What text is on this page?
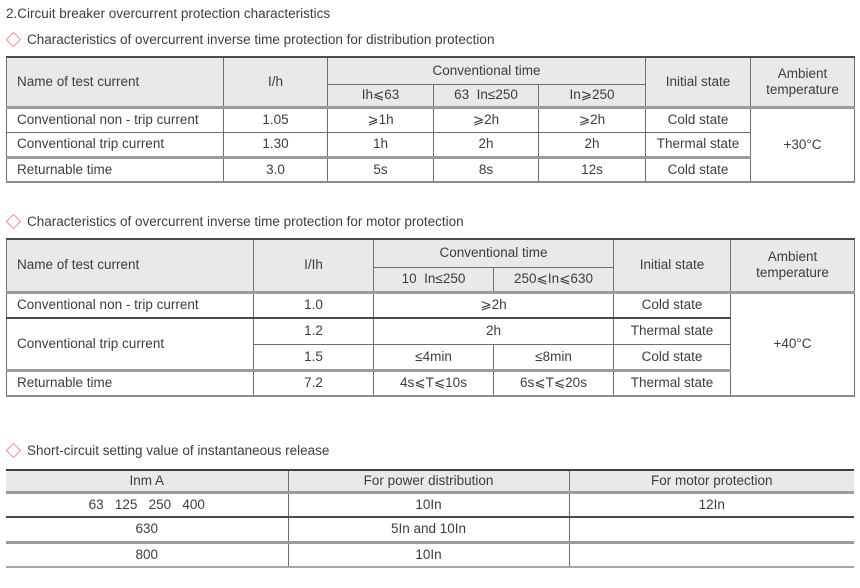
2.Circuit breaker overcurrent protection characteristics

Characteristics of overcurrent inverse time protection for distribution protection
Name of test current	I/h	Conventional time			Initial state	Ambient temperature
		Ih⩽63	63  In≤250	In⩾250		
Conventional non - trip current	1.05	⩾1h	⩾2h	⩾2h	Cold state	+30°C
Conventional trip current	1.30	1h	2h	2h	Thermal state	
Returnable time	3.0	5s	8s	12s	Cold state	
Characteristics of overcurrent inverse time protection for motor protection
Name of test current	I/Ih	Conventional time		Initial state	Ambient temperature
		10  In≤250	250⩽In⩽630		
Conventional non - trip current	1.0	⩾2h		Cold state	+40°C
Conventional trip current	1.2	2h		Thermal state	
	1.5	≤4min	≤8min	Cold state	
Returnable time	7.2	4s⩽T⩽10s	6s⩽T⩽20s	Thermal state	
Short-circuit setting value of instantaneous release
Inm A	For power distribution	For motor protection
63   125   250   400	10In	12In
630	5In and 10In	
800	10In	
